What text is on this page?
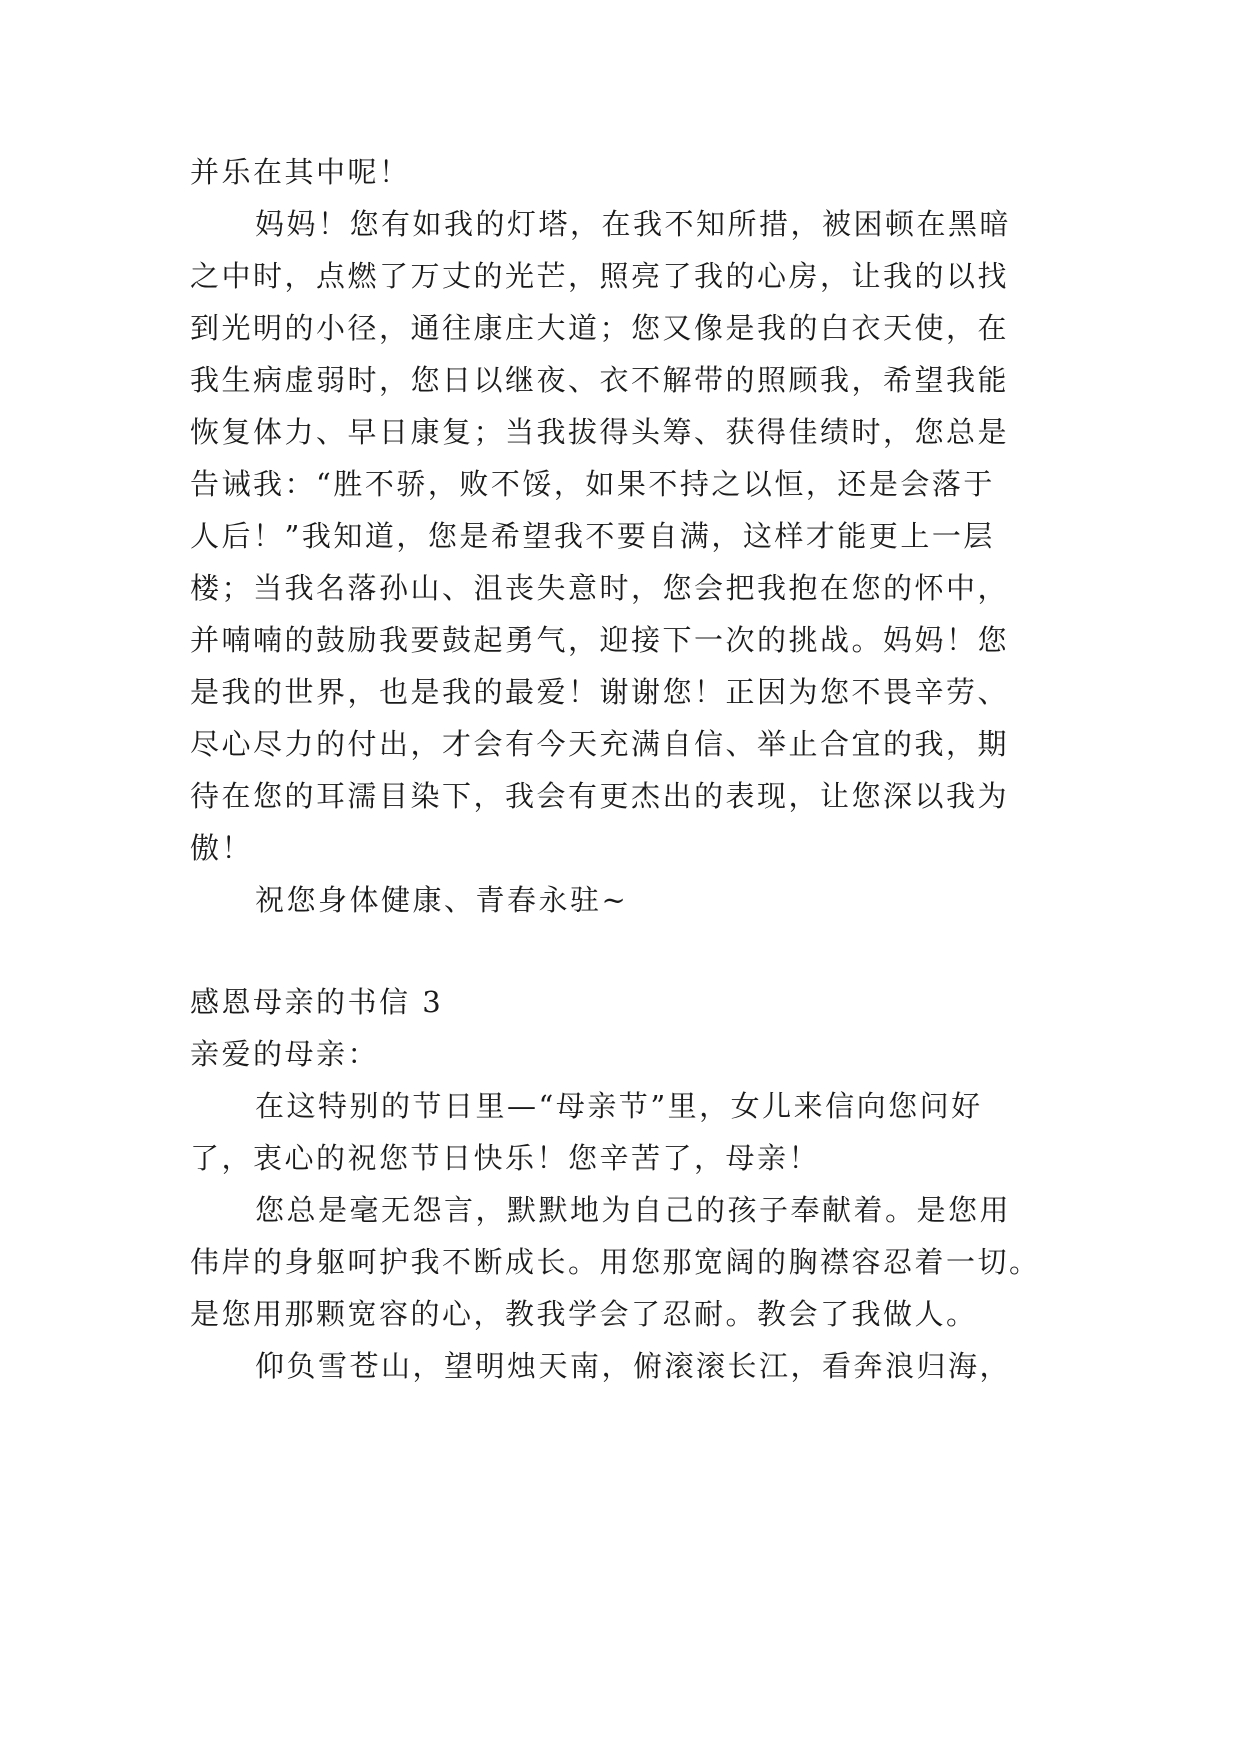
并乐在其中呢！
妈妈！您有如我的灯塔，在我不知所措，被困顿在黑暗
之中时，点燃了万丈的光芒，照亮了我的心房，让我的以找
到光明的小径，通往康庄大道；您又像是我的白衣天使，在
我生病虚弱时，您日以继夜、衣不解带的照顾我，希望我能
恢复体力、早日康复；当我拔得头筹、获得佳绩时，您总是
告诫我：“胜不骄，败不馁，如果不持之以恒，还是会落于
人后！”我知道，您是希望我不要自满，这样才能更上一层
楼；当我名落孙山、沮丧失意时，您会把我抱在您的怀中，
并喃喃的鼓励我要鼓起勇气，迎接下一次的挑战。妈妈！您
是我的世界，也是我的最爱！谢谢您！正因为您不畏辛劳、
尽心尽力的付出，才会有今天充满自信、举止合宜的我，期
待在您的耳濡目染下，我会有更杰出的表现，让您深以我为
傲！
祝您身体健康、青春永驻~
感恩母亲的书信 3
亲爱的母亲：
在这特别的节日里—“母亲节”里，女儿来信向您问好
了，衷心的祝您节日快乐！您辛苦了，母亲！
您总是毫无怨言，默默地为自己的孩子奉献着。是您用
伟岸的身躯呵护我不断成长。用您那宽阔的胸襟容忍着一切。
是您用那颗宽容的心，教我学会了忍耐。教会了我做人。
仰负雪苍山，望明烛天南，俯滚滚长江，看奔浪归海，
